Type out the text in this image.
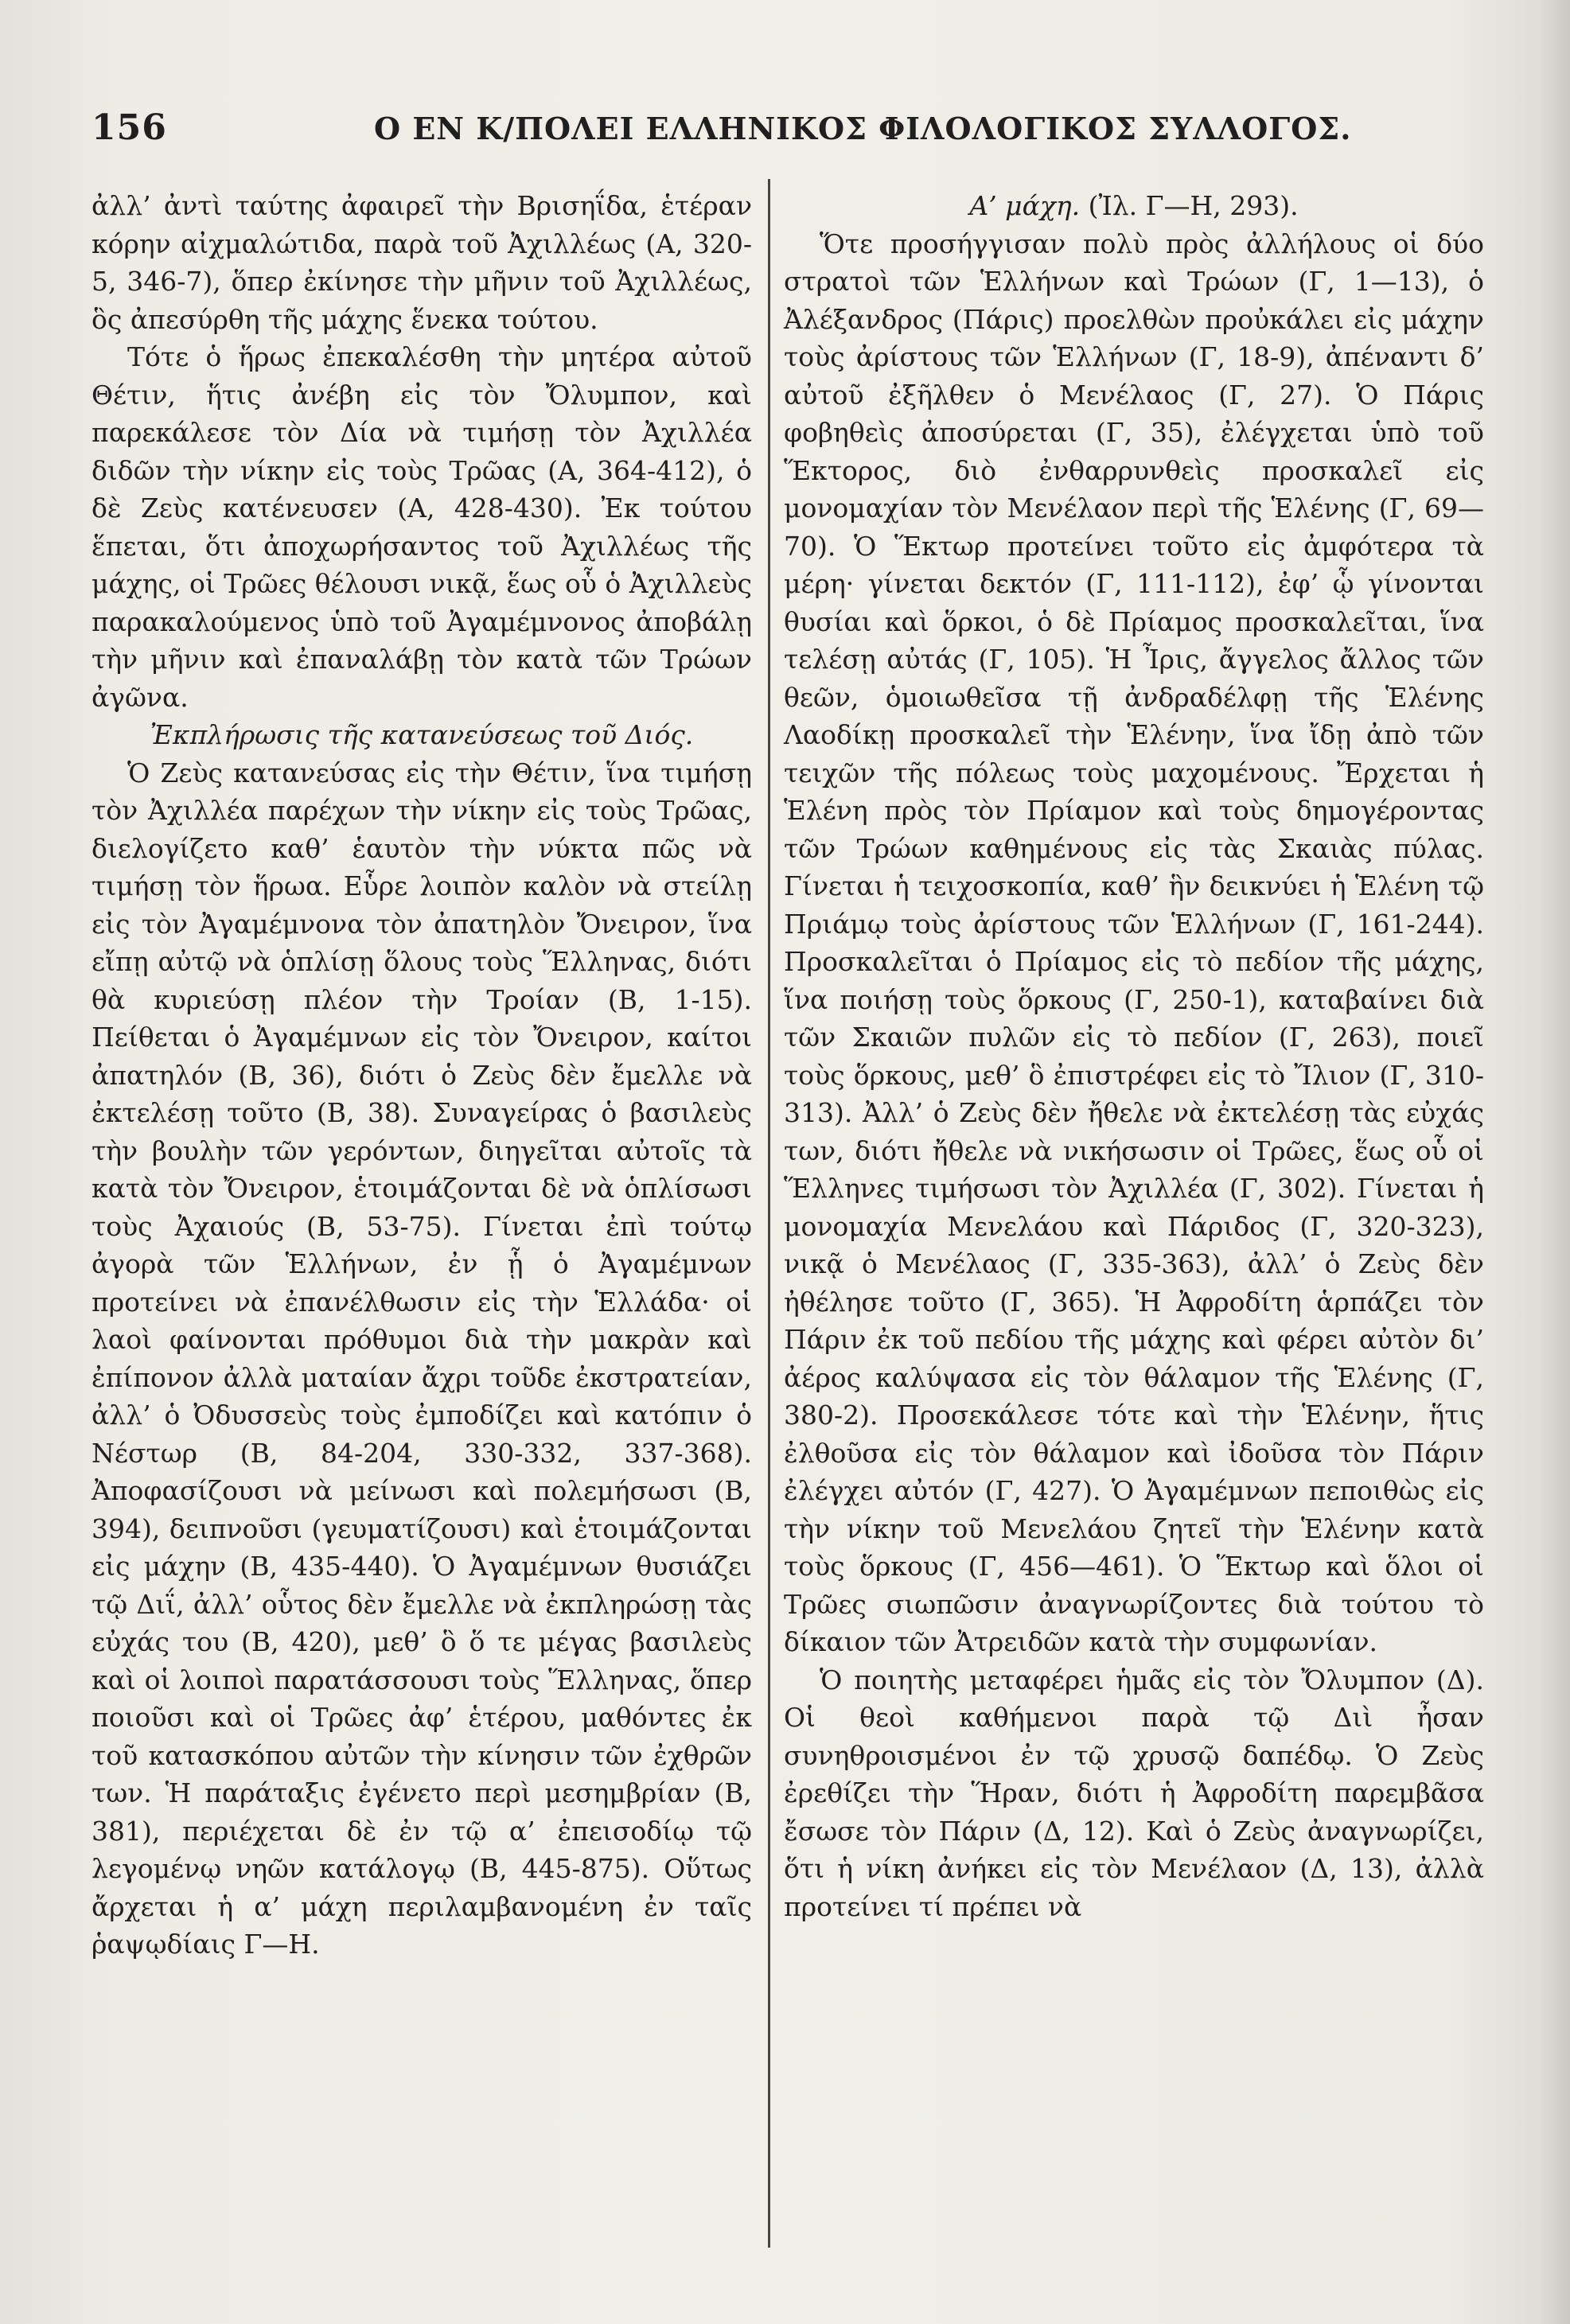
156	Ο ΕΝ Κ/ΠΟΛΕΙ ΕΛΛΗΝΙΚΟΣ ΦΙΛΟΛΟΓΙΚΟΣ ΣΥΛΛΟΓΟΣ.

ἀλλ’ ἀντὶ ταύτης ἀφαιρεῖ τὴν Βρισηΐδα, ἑτέραν κόρην αἰχμαλώτιδα, παρὰ τοῦ Ἀχιλλέως (Α, 320-5, 346-7), ὅπερ ἐκίνησε τὴν μῆνιν τοῦ Ἀχιλλέως, ὃς ἀπεσύρθη τῆς μάχης ἕνεκα τούτου.

Τότε ὁ ἥρως ἐπεκαλέσθη τὴν μητέρα αὐτοῦ Θέτιν, ἥτις ἀνέβη εἰς τὸν Ὄλυμπον, καὶ παρεκάλεσε τὸν Δία νὰ τιμήσῃ τὸν Ἀχιλλέα διδῶν τὴν νίκην εἰς τοὺς Τρῶας (Α, 364-412), ὁ δὲ Ζεὺς κατένευσεν (Α, 428-430). Ἐκ τούτου ἕπεται, ὅτι ἀποχωρήσαντος τοῦ Ἀχιλλέως τῆς μάχης, οἱ Τρῶες θέλουσι νικᾷ, ἕως οὗ ὁ Ἀχιλλεὺς παρακαλούμενος ὑπὸ τοῦ Ἀγαμέμνονος ἀποβάλῃ τὴν μῆνιν καὶ ἐπαναλάβῃ τὸν κατὰ τῶν Τρώων ἀγῶνα.

Ἐκπλήρωσις τῆς κατανεύσεως τοῦ Διός.

Ὁ Ζεὺς κατανεύσας εἰς τὴν Θέτιν, ἵνα τιμήσῃ τὸν Ἀχιλλέα παρέχων τὴν νίκην εἰς τοὺς Τρῶας, διελογίζετο καθ’ ἑαυτὸν τὴν νύκτα πῶς νὰ τιμήσῃ τὸν ἥρωα. Εὗρε λοιπὸν καλὸν νὰ στείλῃ εἰς τὸν Ἀγαμέμνονα τὸν ἀπατηλὸν Ὄνειρον, ἵνα εἴπῃ αὐτῷ νὰ ὁπλίσῃ ὅλους τοὺς Ἕλληνας, διότι θὰ κυριεύσῃ πλέον τὴν Τροίαν (Β, 1-15). Πείθεται ὁ Ἀγαμέμνων εἰς τὸν Ὄνειρον, καίτοι ἀπατηλόν (Β, 36), διότι ὁ Ζεὺς δὲν ἔμελλε νὰ ἐκτελέσῃ τοῦτο (Β, 38). Συναγείρας ὁ βασιλεὺς τὴν βουλὴν τῶν γερόντων, διηγεῖται αὐτοῖς τὰ κατὰ τὸν Ὄνειρον, ἑτοιμάζονται δὲ νὰ ὁπλίσωσι τοὺς Ἀχαιούς (Β, 53-75). Γίνεται ἐπὶ τούτῳ ἀγορὰ τῶν Ἑλλήνων, ἐν ᾗ ὁ Ἀγαμέμνων προτείνει νὰ ἐπανέλθωσιν εἰς τὴν Ἑλλάδα· οἱ λαοὶ φαίνονται πρόθυμοι διὰ τὴν μακρὰν καὶ ἐπίπονον ἀλλὰ ματαίαν ἄχρι τοῦδε ἐκστρατείαν, ἀλλ’ ὁ Ὀδυσσεὺς τοὺς ἐμποδίζει καὶ κατόπιν ὁ Νέστωρ (Β, 84-204, 330-332, 337-368). Ἀποφασίζουσι νὰ μείνωσι καὶ πολεμήσωσι (Β, 394), δειπνοῦσι (γευματίζουσι) καὶ ἑτοιμάζονται εἰς μάχην (Β, 435-440). Ὁ Ἀγαμέμνων θυσιάζει τῷ Διΐ, ἀλλ’ οὗτος δὲν ἔμελλε νὰ ἐκπληρώσῃ τὰς εὐχάς του (Β, 420), μεθ’ ὃ ὅ τε μέγας βασιλεὺς καὶ οἱ λοιποὶ παρατάσσουσι τοὺς Ἕλληνας, ὅπερ ποιοῦσι καὶ οἱ Τρῶες ἀφ’ ἑτέρου, μαθόντες ἐκ τοῦ κατασκόπου αὐτῶν τὴν κίνησιν τῶν ἐχθρῶν των. Ἡ παράταξις ἐγένετο περὶ μεσημβρίαν (Β, 381), περιέχεται δὲ ἐν τῷ α’ ἐπεισοδίῳ τῷ λεγομένῳ νηῶν κατάλογῳ (Β, 445-875). Οὕτως ἄρχεται ἡ α’ μάχη περιλαμβανομένη ἐν ταῖς ῥαψῳδίαις Γ—Η.

Α’ μάχη. (Ἰλ. Γ—Η, 293).

Ὅτε προσήγγισαν πολὺ πρὸς ἀλλήλους οἱ δύο στρατοὶ τῶν Ἑλλήνων καὶ Τρώων (Γ, 1—13), ὁ Ἀλέξανδρος (Πάρις) προελθὼν προὐκάλει εἰς μάχην τοὺς ἀρίστους τῶν Ἑλλήνων (Γ, 18-9), ἀπέναντι δ’ αὐτοῦ ἐξῆλθεν ὁ Μενέλαος (Γ, 27). Ὁ Πάρις φοβηθεὶς ἀποσύρεται (Γ, 35), ἐλέγχεται ὑπὸ τοῦ Ἕκτορος, διὸ ἐνθαρρυνθεὶς προσκαλεῖ εἰς μονομαχίαν τὸν Μενέλαον περὶ τῆς Ἑλένης (Γ, 69—70). Ὁ Ἕκτωρ προτείνει τοῦτο εἰς ἀμφότερα τὰ μέρη· γίνεται δεκτόν (Γ, 111-112), ἐφ’ ᾧ γίνονται θυσίαι καὶ ὅρκοι, ὁ δὲ Πρίαμος προσκαλεῖται, ἵνα τελέσῃ αὐτάς (Γ, 105). Ἡ Ἶρις, ἄγγελος ἄλλος τῶν θεῶν, ὁμοιωθεῖσα τῇ ἀνδραδέλφῃ τῆς Ἑλένης Λαοδίκῃ προσκαλεῖ τὴν Ἑλένην, ἵνα ἴδῃ ἀπὸ τῶν τειχῶν τῆς πόλεως τοὺς μαχομένους. Ἔρχεται ἡ Ἑλένη πρὸς τὸν Πρίαμον καὶ τοὺς δημογέροντας τῶν Τρώων καθημένους εἰς τὰς Σκαιὰς πύλας. Γίνεται ἡ τειχοσκοπία, καθ’ ἣν δεικνύει ἡ Ἑλένη τῷ Πριάμῳ τοὺς ἀρίστους τῶν Ἑλλήνων (Γ, 161-244). Προσκαλεῖται ὁ Πρίαμος εἰς τὸ πεδίον τῆς μάχης, ἵνα ποιήσῃ τοὺς ὅρκους (Γ, 250-1), καταβαίνει διὰ τῶν Σκαιῶν πυλῶν εἰς τὸ πεδίον (Γ, 263), ποιεῖ τοὺς ὅρκους, μεθ’ ὃ ἐπιστρέφει εἰς τὸ Ἴλιον (Γ, 310-313). Ἀλλ’ ὁ Ζεὺς δὲν ἤθελε νὰ ἐκτελέσῃ τὰς εὐχάς των, διότι ἤθελε νὰ νικήσωσιν οἱ Τρῶες, ἕως οὗ οἱ Ἕλληνες τιμήσωσι τὸν Ἀχιλλέα (Γ, 302). Γίνεται ἡ μονομαχία Μενελάου καὶ Πάριδος (Γ, 320-323), νικᾷ ὁ Μενέλαος (Γ, 335-363), ἀλλ’ ὁ Ζεὺς δὲν ἠθέλησε τοῦτο (Γ, 365). Ἡ Ἀφροδίτη ἁρπάζει τὸν Πάριν ἐκ τοῦ πεδίου τῆς μάχης καὶ φέρει αὐτὸν δι’ ἀέρος καλύψασα εἰς τὸν θάλαμον τῆς Ἑλένης (Γ, 380-2). Προσεκάλεσε τότε καὶ τὴν Ἑλένην, ἥτις ἐλθοῦσα εἰς τὸν θάλαμον καὶ ἰδοῦσα τὸν Πάριν ἐλέγχει αὐτόν (Γ, 427). Ὁ Ἀγαμέμνων πεποιθὼς εἰς τὴν νίκην τοῦ Μενελάου ζητεῖ τὴν Ἑλένην κατὰ τοὺς ὅρκους (Γ, 456—461). Ὁ Ἕκτωρ καὶ ὅλοι οἱ Τρῶες σιωπῶσιν ἀναγνωρίζοντες διὰ τούτου τὸ δίκαιον τῶν Ἀτρειδῶν κατὰ τὴν συμφωνίαν.

Ὁ ποιητὴς μεταφέρει ἡμᾶς εἰς τὸν Ὄλυμπον (Δ). Οἱ θεοὶ καθήμενοι παρὰ τῷ Διὶ ἦσαν συνηθροισμένοι ἐν τῷ χρυσῷ δαπέδῳ. Ὁ Ζεὺς ἐρεθίζει τὴν Ἥραν, διότι ἡ Ἀφροδίτη παρεμβᾶσα ἔσωσε τὸν Πάριν (Δ, 12). Καὶ ὁ Ζεὺς ἀναγνωρίζει, ὅτι ἡ νίκη ἀνήκει εἰς τὸν Μενέλαον (Δ, 13), ἀλλὰ προτείνει τί πρέπει νὰ
